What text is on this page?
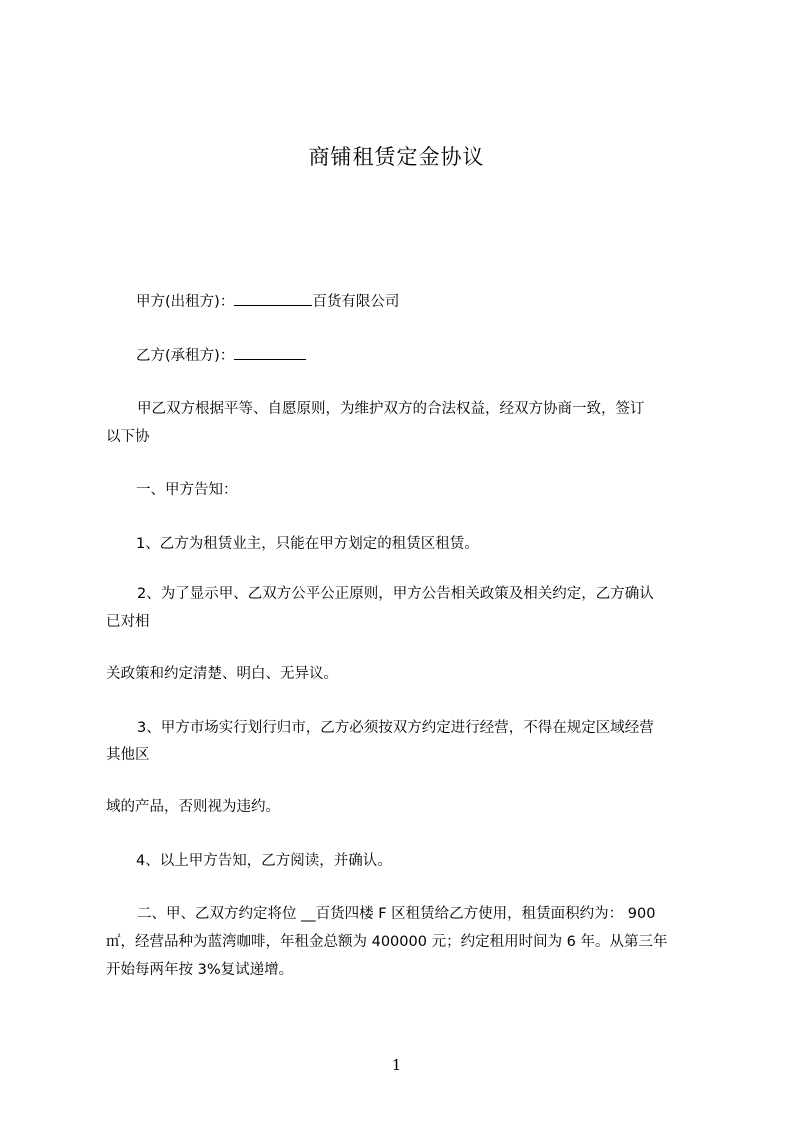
商铺租赁定金协议
甲方(出租方)：	百货有限公司
乙方(承租方)：
甲乙双方根据平等、自愿原则，为维护双方的合法权益，经双方协商一致，签订
以下协
一、甲方告知：
1、乙方为租赁业主，只能在甲方划定的租赁区租赁。
2、为了显示甲、乙双方公平公正原则，甲方公告相关政策及相关约定，乙方确认
已对相
关政策和约定清楚、明白、无异议。
3、甲方市场实行划行归市，乙方必须按双方约定进行经营，不得在规定区域经营
其他区
域的产品，否则视为违约。
4、以上甲方告知，乙方阅读，并确认。
二、甲、乙双方约定将位 __百货四楼 F 区租赁给乙方使用，租赁面积约为： 900
㎡，经营品种为蓝湾咖啡，年租金总额为 400000 元；约定租用时间为 6 年。从第三年
开始每两年按 3%复试递增。
1
